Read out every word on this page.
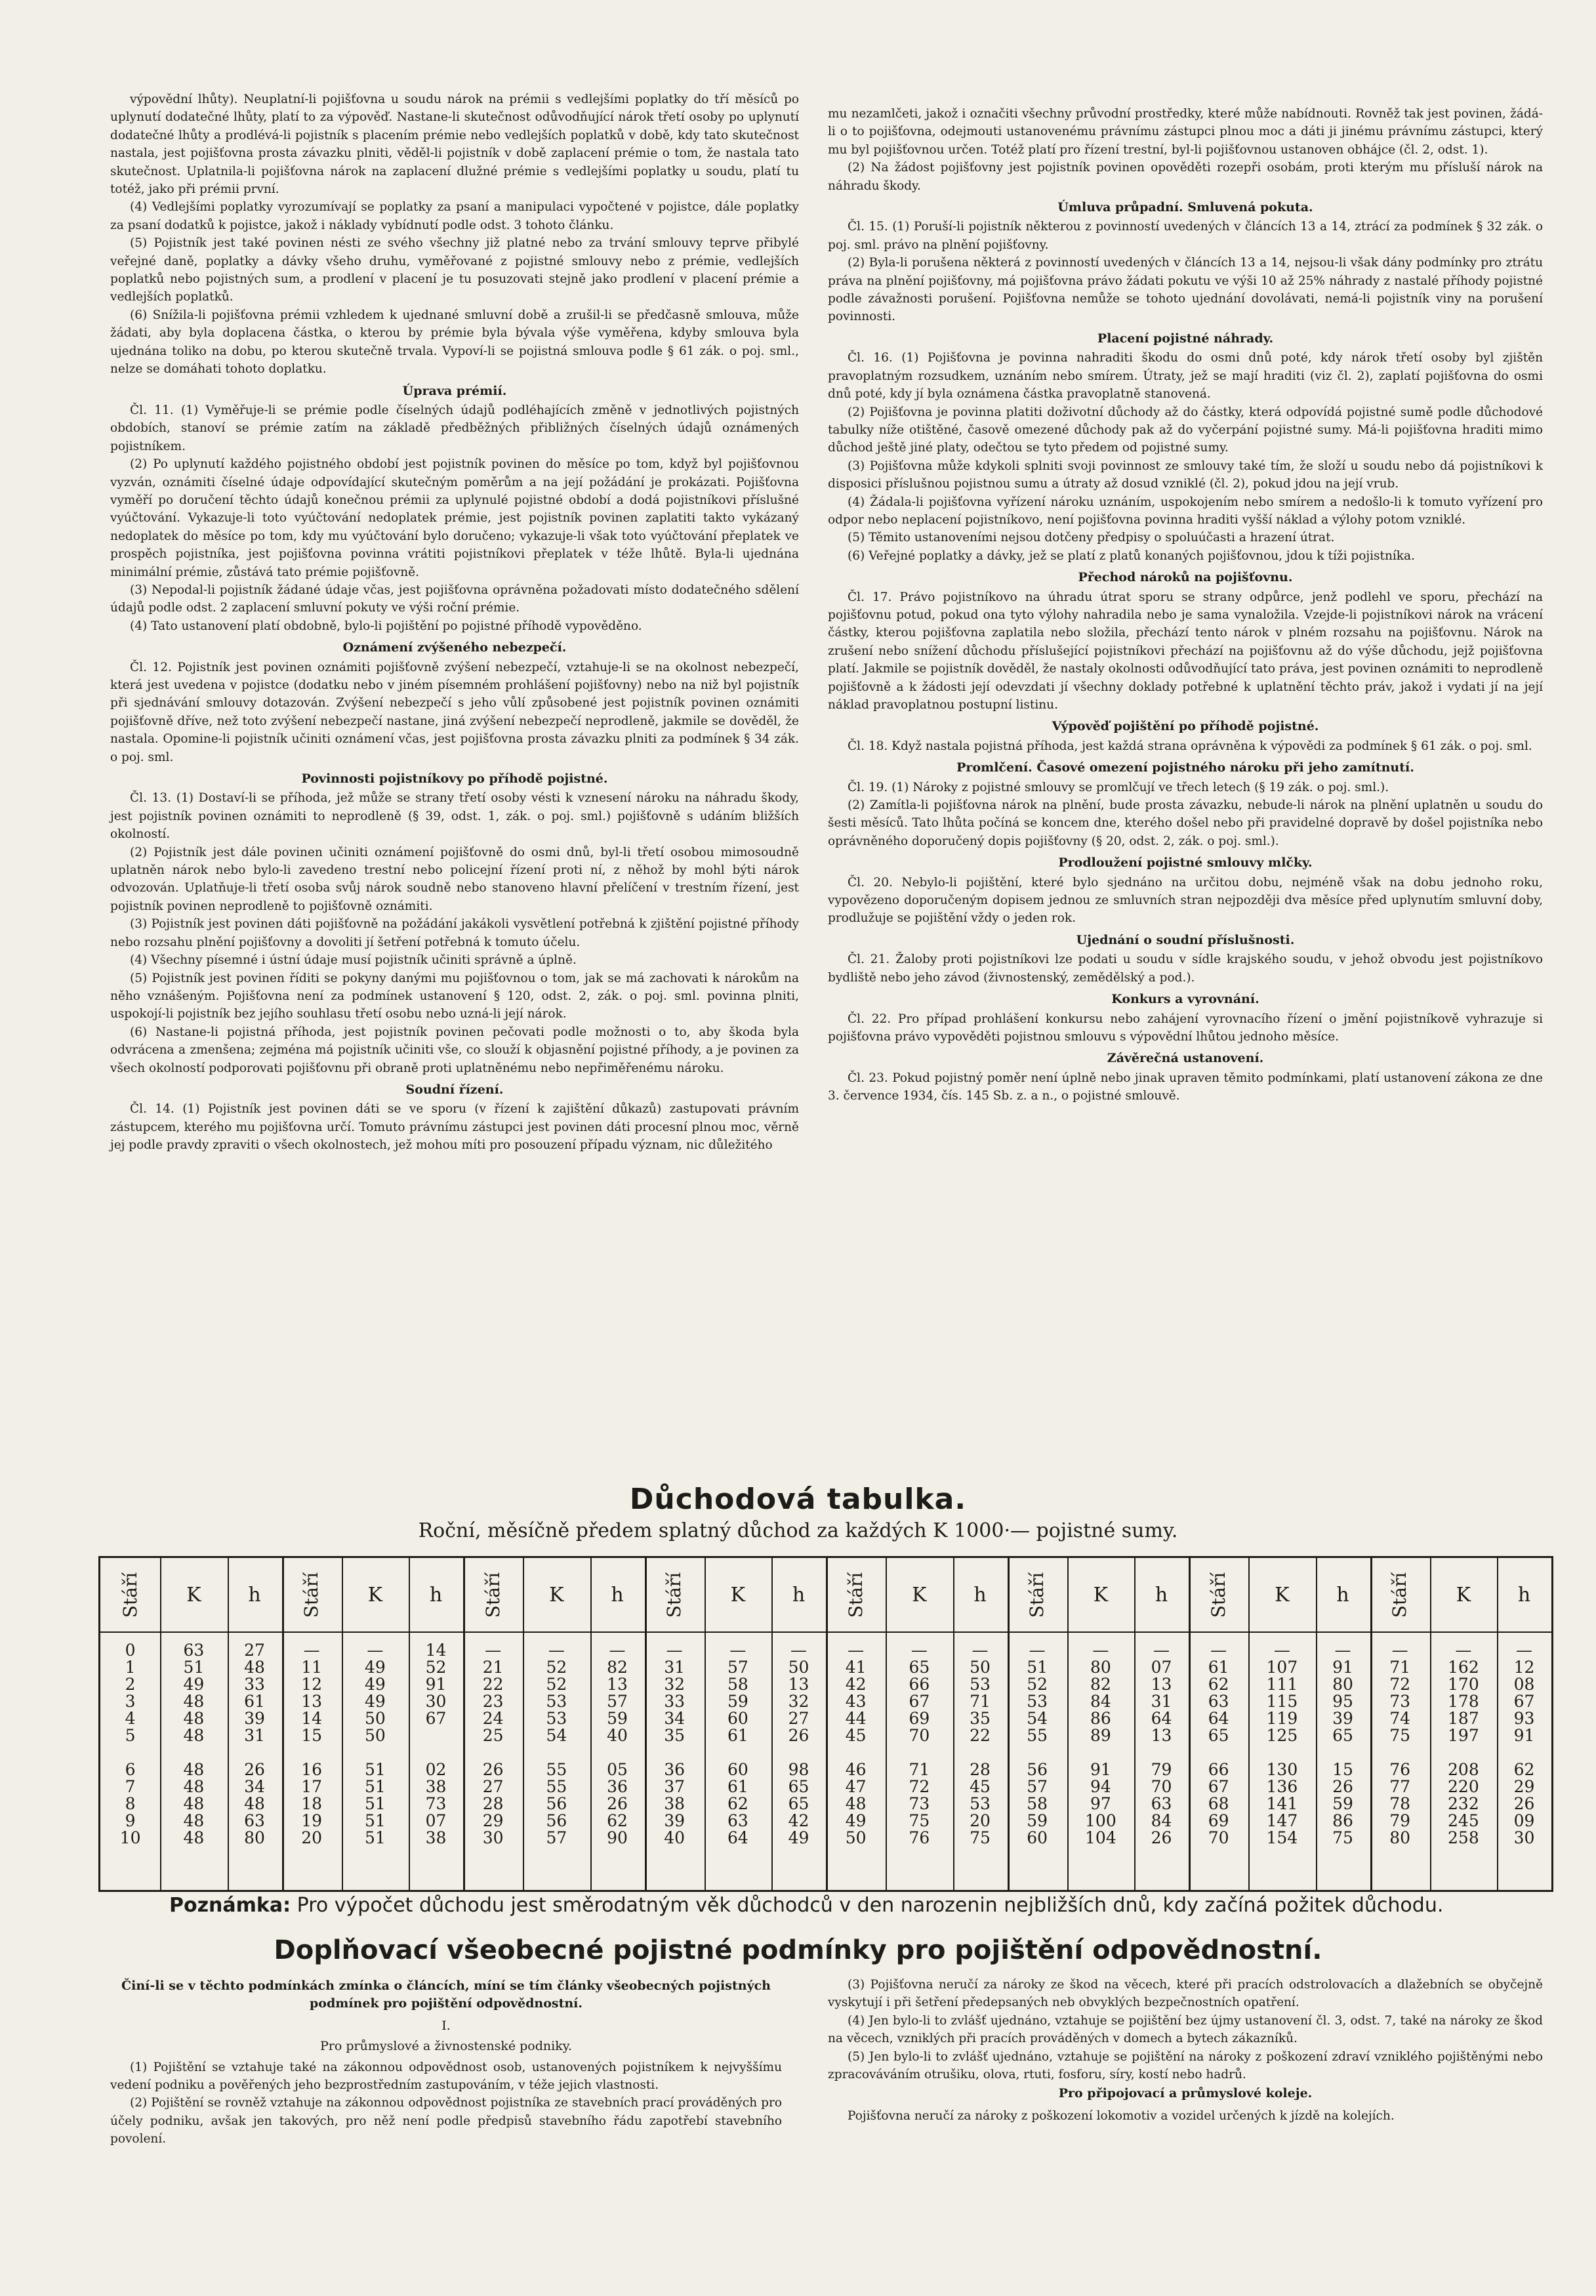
výpovědní lhůty). Neuplatní-li pojišťovna u soudu nárok na prémii s vedlejšími poplatky do tří měsíců po uplynutí dodatečné lhůty, platí to za výpověď. Nastane-li skutečnost odůvodňující nárok třetí osoby po uplynutí dodatečné lhůty a prodlévá-li pojistník s placením prémie nebo vedlejších poplatků v době, kdy tato skutečnost nastala, jest pojišťovna prosta závazku plniti, věděl-li pojistník v době zaplacení prémie o tom, že nastala tato skutečnost. Uplatnila-li pojišťovna nárok na zaplacení dlužné prémie s vedlejšími poplatky u soudu, platí tu totéž, jako při prémii první.

(4) Vedlejšími poplatky vyrozumívají se poplatky za psaní a manipulaci vypočtené v pojistce, dále poplatky za psaní dodatků k pojistce, jakož i náklady vybídnutí podle odst. 3 tohoto článku.

(5) Pojistník jest také povinen nésti ze svého všechny již platné nebo za trvání smlouvy teprve přibylé veřejné daně, poplatky a dávky všeho druhu, vyměřované z pojistné smlouvy nebo z prémie, vedlejších poplatků nebo pojistných sum, a prodlení v placení je tu posuzovati stejně jako prodlení v placení prémie a vedlejších poplatků.

(6) Snížila-li pojišťovna prémii vzhledem k ujednané smluvní době a zrušil-li se předčasně smlouva, může žádati, aby byla doplacena částka, o kterou by prémie byla bývala výše vyměřena, kdyby smlouva byla ujednána toliko na dobu, po kterou skutečně trvala. Vypoví-li se pojistná smlouva podle § 61 zák. o poj. sml., nelze se domáhati tohoto doplatku.

Úprava prémií.

Čl. 11. (1) Vyměřuje-li se prémie podle číselných údajů podléhajících změně v jednotlivých pojistných obdobích, stanoví se prémie zatím na základě předběžných přibližných číselných údajů oznámených pojistníkem.

(2) Po uplynutí každého pojistného období jest pojistník povinen do měsíce po tom, když byl pojišťovnou vyzván, oznámiti číselné údaje odpovídající skutečným poměrům a na její požádání je prokázati. Pojišťovna vyměří po doručení těchto údajů konečnou prémii za uplynulé pojistné období a dodá pojistníkovi příslušné vyúčtování. Vykazuje-li toto vyúčtování nedoplatek prémie, jest pojistník povinen zaplatiti takto vykázaný nedoplatek do měsíce po tom, kdy mu vyúčtování bylo doručeno; vykazuje-li však toto vyúčtování přeplatek ve prospěch pojistníka, jest pojišťovna povinna vrátiti pojistníkovi přeplatek v téže lhůtě. Byla-li ujednána minimální prémie, zůstává tato prémie pojišťovně.

(3) Nepodal-li pojistník žádané údaje včas, jest pojišťovna oprávněna požadovati místo dodatečného sdělení údajů podle odst. 2 zaplacení smluvní pokuty ve výši roční prémie.

(4) Tato ustanovení platí obdobně, bylo-li pojištění po pojistné příhodě vypověděno.

Oznámení zvýšeného nebezpečí.

Čl. 12. Pojistník jest povinen oznámiti pojišťovně zvýšení nebezpečí, vztahuje-li se na okolnost nebezpečí, která jest uvedena v pojistce (dodatku nebo v jiném písemném prohlášení pojišťovny) nebo na niž byl pojistník při sjednávání smlouvy dotazován. Zvýšení nebezpečí s jeho vůlí způsobené jest pojistník povinen oznámiti pojišťovně dříve, než toto zvýšení nebezpečí nastane, jiná zvýšení nebezpečí neprodleně, jakmile se dověděl, že nastala. Opomine-li pojistník učiniti oznámení včas, jest pojišťovna prosta závazku plniti za podmínek § 34 zák. o poj. sml.

Povinnosti pojistníkovy po příhodě pojistné.

Čl. 13. (1) Dostaví-li se příhoda, jež může se strany třetí osoby vésti k vznesení nároku na náhradu škody, jest pojistník povinen oznámiti to neprodleně (§ 39, odst. 1, zák. o poj. sml.) pojišťovně s udáním bližších okolností.

(2) Pojistník jest dále povinen učiniti oznámení pojišťovně do osmi dnů, byl-li třetí osobou mimosoudně uplatněn nárok nebo bylo-li zavedeno trestní nebo policejní řízení proti ní, z něhož by mohl býti nárok odvozován. Uplatňuje-li třetí osoba svůj nárok soudně nebo stanoveno hlavní přelíčení v trestním řízení, jest pojistník povinen neprodleně to pojišťovně oznámiti.

(3) Pojistník jest povinen dáti pojišťovně na požádání jakákoli vysvětlení potřebná k zjištění pojistné příhody nebo rozsahu plnění pojišťovny a dovoliti jí šetření potřebná k tomuto účelu.

(4) Všechny písemné i ústní údaje musí pojistník učiniti správně a úplně.

(5) Pojistník jest povinen říditi se pokyny danými mu pojišťovnou o tom, jak se má zachovati k nárokům na něho vznášeným. Pojišťovna není za podmínek ustanovení § 120, odst. 2, zák. o poj. sml. povinna plniti, uspokojí-li pojistník bez jejího souhlasu třetí osobu nebo uzná-li její nárok.

(6) Nastane-li pojistná příhoda, jest pojistník povinen pečovati podle možnosti o to, aby škoda byla odvrácena a zmenšena; zejména má pojistník učiniti vše, co slouží k objasnění pojistné příhody, a je povinen za všech okolností podporovati pojišťovnu při obraně proti uplatněnému nebo nepřiměřenému nároku.

Soudní řízení.

Čl. 14. (1) Pojistník jest povinen dáti se ve sporu (v řízení k zajištění důkazů) zastupovati právním zástupcem, kterého mu pojišťovna určí. Tomuto právnímu zástupci jest povinen dáti procesní plnou moc, věrně jej podle pravdy zpraviti o všech okolnostech, jež mohou míti pro posouzení případu význam, nic důležitého

mu nezamlčeti, jakož i označiti všechny průvodní prostředky, které může nabídnouti. Rovněž tak jest povinen, žádá-li o to pojišťovna, odejmouti ustanovenému právnímu zástupci plnou moc a dáti ji jinému právnímu zástupci, který mu byl pojišťovnou určen. Totéž platí pro řízení trestní, byl-li pojišťovnou ustanoven obhájce (čl. 2, odst. 1).

(2) Na žádost pojišťovny jest pojistník povinen opověděti rozepři osobám, proti kterým mu přísluší nárok na náhradu škody.

Úmluva průpadní. Smluvená pokuta.

Čl. 15. (1) Poruší-li pojistník některou z povinností uvedených v článcích 13 a 14, ztrácí za podmínek § 32 zák. o poj. sml. právo na plnění pojišťovny.

(2) Byla-li porušena některá z povinností uvedených v článcích 13 a 14, nejsou-li však dány podmínky pro ztrátu práva na plnění pojišťovny, má pojišťovna právo žádati pokutu ve výši 10 až 25% náhrady z nastalé příhody pojistné podle závažnosti porušení. Pojišťovna nemůže se tohoto ujednání dovolávati, nemá-li pojistník viny na porušení povinnosti.

Placení pojistné náhrady.

Čl. 16. (1) Pojišťovna je povinna nahraditi škodu do osmi dnů poté, kdy nárok třetí osoby byl zjištěn pravoplatným rozsudkem, uznáním nebo smírem. Útraty, jež se mají hraditi (viz čl. 2), zaplatí pojišťovna do osmi dnů poté, kdy jí byla oznámena částka pravoplatně stanovená.

(2) Pojišťovna je povinna platiti doživotní důchody až do částky, která odpovídá pojistné sumě podle důchodové tabulky níže otištěné, časově omezené důchody pak až do vyčerpání pojistné sumy. Má-li pojišťovna hraditi mimo důchod ještě jiné platy, odečtou se tyto předem od pojistné sumy.

(3) Pojišťovna může kdykoli splniti svoji povinnost ze smlouvy také tím, že složí u soudu nebo dá pojistníkovi k disposici příslušnou pojistnou sumu a útraty až dosud vzniklé (čl. 2), pokud jdou na její vrub.

(4) Žádala-li pojišťovna vyřízení nároku uznáním, uspokojením nebo smírem a nedošlo-li k tomuto vyřízení pro odpor nebo neplacení pojistníkovo, není pojišťovna povinna hraditi vyšší náklad a výlohy potom vzniklé.

(5) Těmito ustanoveními nejsou dotčeny předpisy o spoluúčasti a hrazení útrat.

(6) Veřejné poplatky a dávky, jež se platí z platů konaných pojišťovnou, jdou k tíži pojistníka.

Přechod nároků na pojišťovnu.

Čl. 17. Právo pojistníkovo na úhradu útrat sporu se strany odpůrce, jenž podlehl ve sporu, přechází na pojišťovnu potud, pokud ona tyto výlohy nahradila nebo je sama vynaložila. Vzejde-li pojistníkovi nárok na vrácení částky, kterou pojišťovna zaplatila nebo složila, přechází tento nárok v plném rozsahu na pojišťovnu. Nárok na zrušení nebo snížení důchodu příslušející pojistníkovi přechází na pojišťovnu až do výše důchodu, jejž pojišťovna platí. Jakmile se pojistník dověděl, že nastaly okolnosti odůvodňující tato práva, jest povinen oznámiti to neprodleně pojišťovně a k žádosti její odevzdati jí všechny doklady potřebné k uplatnění těchto práv, jakož i vydati jí na její náklad pravoplatnou postupní listinu.

Výpověď pojištění po příhodě pojistné.

Čl. 18. Když nastala pojistná příhoda, jest každá strana oprávněna k výpovědi za podmínek § 61 zák. o poj. sml.

Promlčení. Časové omezení pojistného nároku při jeho zamítnutí.

Čl. 19. (1) Nároky z pojistné smlouvy se promlčují ve třech letech (§ 19 zák. o poj. sml.).

(2) Zamítla-li pojišťovna nárok na plnění, bude prosta závazku, nebude-li nárok na plnění uplatněn u soudu do šesti měsíců. Tato lhůta počíná se koncem dne, kterého došel nebo při pravidelné dopravě by došel pojistníka nebo oprávněného doporučený dopis pojišťovny (§ 20, odst. 2, zák. o poj. sml.).

Prodloužení pojistné smlouvy mlčky.

Čl. 20. Nebylo-li pojištění, které bylo sjednáno na určitou dobu, nejméně však na dobu jednoho roku, vypovězeno doporučeným dopisem jednou ze smluvních stran nejpozději dva měsíce před uplynutím smluvní doby, prodlužuje se pojištění vždy o jeden rok.

Ujednání o soudní příslušnosti.

Čl. 21. Žaloby proti pojistníkovi lze podati u soudu v sídle krajského soudu, v jehož obvodu jest pojistníkovo bydliště nebo jeho závod (živnostenský, zemědělský a pod.).

Konkurs a vyrovnání.

Čl. 22. Pro případ prohlášení konkursu nebo zahájení vyrovnacího řízení o jmění pojistníkově vyhrazuje si pojišťovna právo vypověděti pojistnou smlouvu s výpovědní lhůtou jednoho měsíce.

Závěrečná ustanovení.

Čl. 23. Pokud pojistný poměr není úplně nebo jinak upraven těmito podmínkami, platí ustanovení zákona ze dne 3. července 1934, čís. 145 Sb. z. a n., o pojistné smlouvě.

Důchodová tabulka.
Roční, měsíčně předem splatný důchod za každých K 1000·— pojistné sumy.
Stáří K h Stáří K h Stáří K h Stáří K h Stáří K h Stáří K h Stáří K h Stáří K h
0
1
2
3
4
5

6
7
8
9
10
63
51
49
48
48
48

48
48
48
48
48
27
48
33
61
39
31

26
34
48
63
80
—
11
12
13
14
15

16
17
18
19
20
—
49
49
49
50
50

51
51
51
51
51
14
52
91
30
67

02
38
73
07
38
—
21
22
23
24
25

26
27
28
29
30
—
52
52
53
53
54

55
55
56
56
57
—
82
13
57
59
40

05
36
26
62
90
—
31
32
33
34
35

36
37
38
39
40
—
57
58
59
60
61

60
61
62
63
64
—
50
13
32
27
26

98
65
65
42
49
—
41
42
43
44
45

46
47
48
49
50
—
65
66
67
69
70

71
72
73
75
76
—
50
53
71
35
22

28
45
53
20
75
—
51
52
53
54
55

56
57
58
59
60
—
80
82
84
86
89

91
94
97
100
104
—
07
13
31
64
13

79
70
63
84
26
—
61
62
63
64
65

66
67
68
69
70
—
107
111
115
119
125

130
136
141
147
154
—
91
80
95
39
65

15
26
59
86
75
—
71
72
73
74
75

76
77
78
79
80
—
162
170
178
187
197

208
220
232
245
258
—
12
08
67
93
91

62
29
26
09
30
Poznámka: Pro výpočet důchodu jest směrodatným věk důchodců v den narozenin nejbližších dnů, kdy začíná požitek důchodu.
Doplňovací všeobecné pojistné podmínky pro pojištění odpovědnostní.
Činí-li se v těchto podmínkách zmínka o článcích, míní se tím články všeobecných pojistných podmínek pro pojištění odpovědnostní.
I.
Pro průmyslové a živnostenské podniky.

(1) Pojištění se vztahuje také na zákonnou odpovědnost osob, ustanovených pojistníkem k nejvyššímu vedení podniku a pověřených jeho bezprostředním zastupováním, v téže jejich vlastnosti.

(2) Pojištění se rovněž vztahuje na zákonnou odpovědnost pojistníka ze stavebních prací prováděných pro účely podniku, avšak jen takových, pro něž není podle předpisů stavebního řádu zapotřebí stavebního povolení.

(3) Pojišťovna neručí za nároky ze škod na věcech, které při pracích odstrolovacích a dlažebních se obyčejně vyskytují i při šetření předepsaných neb obvyklých bezpečnostních opatření.

(4) Jen bylo-li to zvlášť ujednáno, vztahuje se pojištění bez újmy ustanovení čl. 3, odst. 7, také na nároky ze škod na věcech, vzniklých při pracích prováděných v domech a bytech zákazníků.

(5) Jen bylo-li to zvlášť ujednáno, vztahuje se pojištění na nároky z poškození zdraví vzniklého pojištěnými nebo zpracováváním otrušiku, olova, rtuti, fosforu, síry, kostí nebo hadrů.

Pro připojovací a průmyslové koleje.

Pojišťovna neručí za nároky z poškození lokomotiv a vozidel určených k jízdě na kolejích.
